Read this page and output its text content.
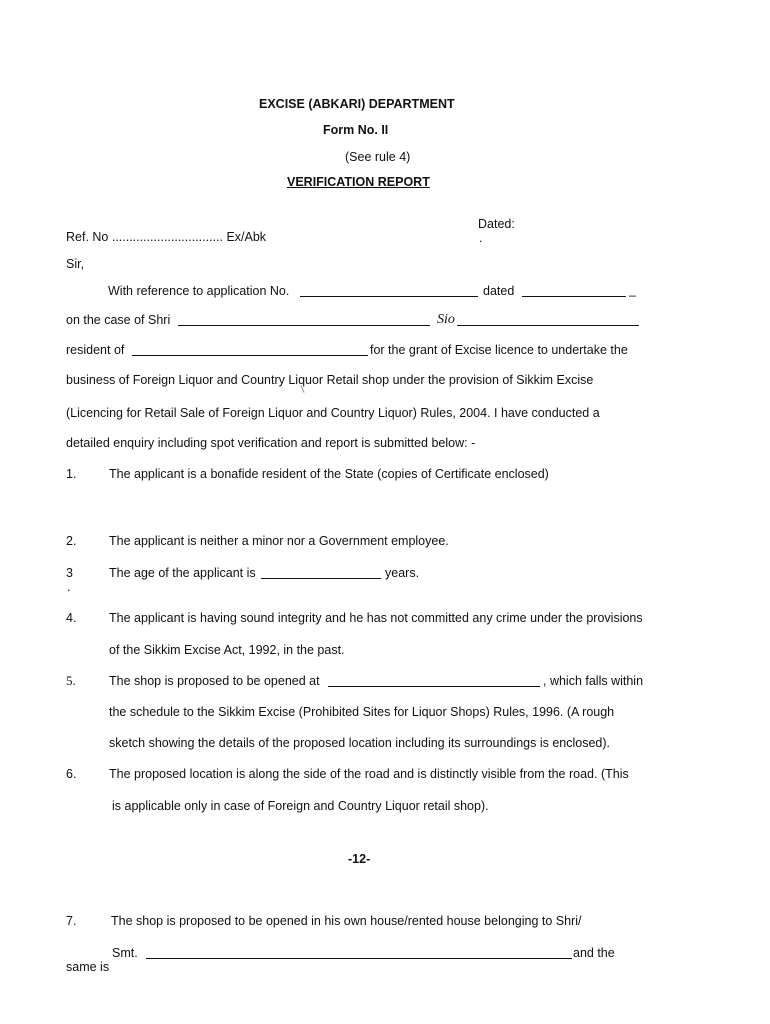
EXCISE (ABKARI) DEPARTMENT
Form No. II
(See rule 4)
VERIFICATION REPORT
Dated:
.
Ref. No ................................ Ex/Abk
Sir,
With reference to application No.	dated	_
on the case of Shri	Sio
resident of	for the grant of Excise licence to undertake the
business of Foreign Liquor and Country Liquor Retail shop under the provision of Sikkim Excise
(Licencing for Retail Sale of Foreign Liquor and Country Liquor) Rules, 2004. I have conducted a
detailed enquiry including spot verification and report is submitted below: -
1.	The applicant is a bonafide resident of the State (copies of Certificate enclosed)
2.	The applicant is neither a minor nor a Government employee.
3
.
The age of the applicant is	years.
4.	The applicant is having sound integrity and he has not committed any crime under the provisions
of the Sikkim Excise Act, 1992, in the past.
5.	The shop is proposed to be opened at	, which falls within
the schedule to the Sikkim Excise (Prohibited Sites for Liquor Shops) Rules, 1996. (A rough
sketch showing the details of the proposed location including its surroundings is enclosed).
6.	The proposed location is along the side of the road and is distinctly visible from the road. (This
is applicable only in case of Foreign and Country Liquor retail shop).
-12-
7.	The shop is proposed to be opened in his own house/rented house belonging to Shri/
Smt.	and the
same is
